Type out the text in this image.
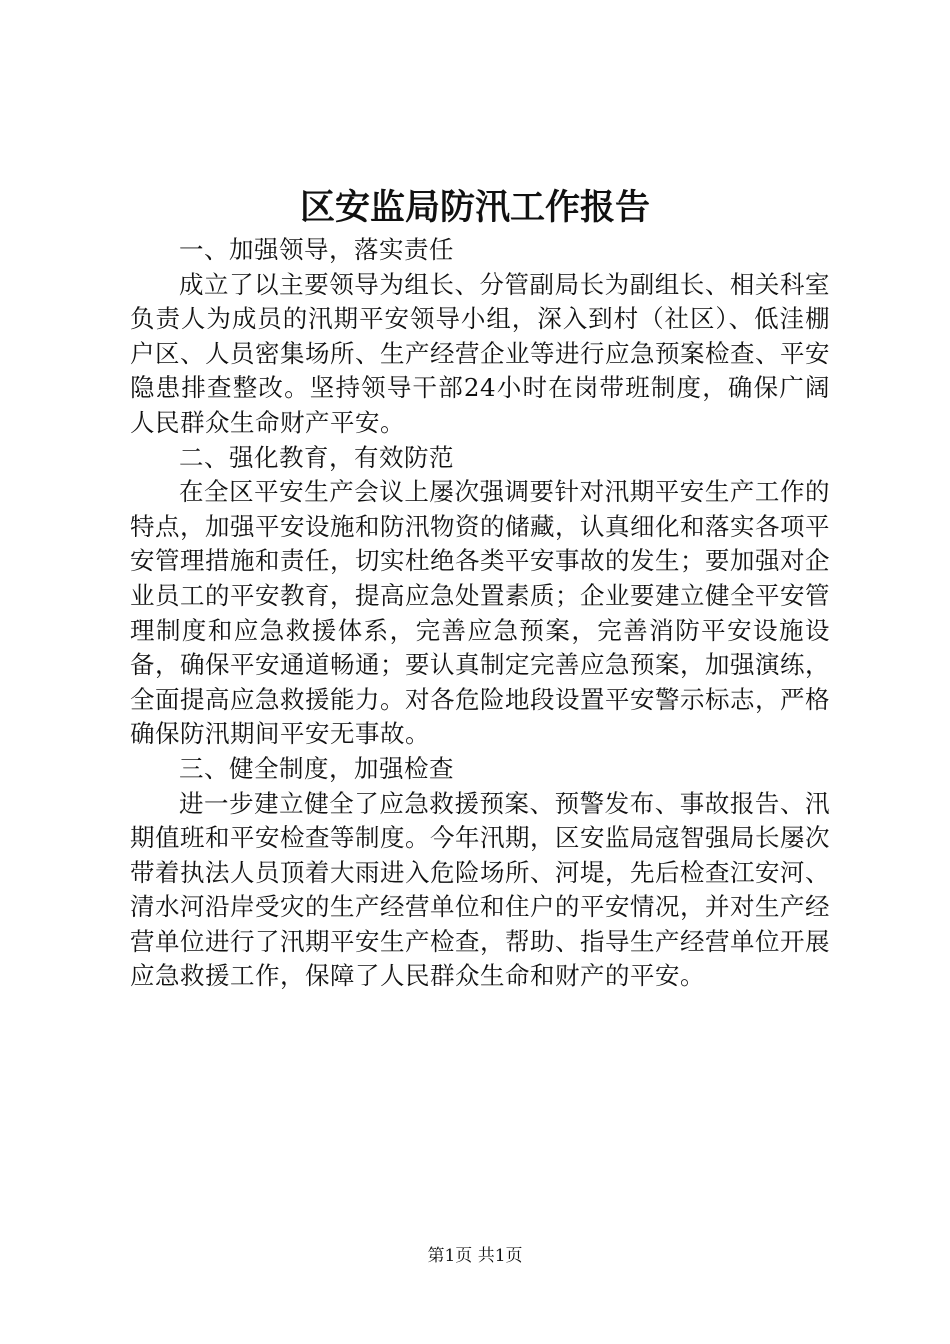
区安监局防汛工作报告

一、加强领导，落实责任

成立了以主要领导为组长、分管副局长为副组长、相关科室负责人为成员的汛期平安领导小组，深入到村（社区）、低洼棚户区、人员密集场所、生产经营企业等进行应急预案检查、平安隐患排查整改。坚持领导干部24小时在岗带班制度，确保广阔人民群众生命财产平安。

二、强化教育，有效防范

在全区平安生产会议上屡次强调要针对汛期平安生产工作的特点，加强平安设施和防汛物资的储藏，认真细化和落实各项平安管理措施和责任，切实杜绝各类平安事故的发生；要加强对企业员工的平安教育，提高应急处置素质；企业要建立健全平安管理制度和应急救援体系，完善应急预案，完善消防平安设施设备，确保平安通道畅通；要认真制定完善应急预案，加强演练，全面提高应急救援能力。对各危险地段设置平安警示标志，严格确保防汛期间平安无事故。

三、健全制度，加强检查

进一步建立健全了应急救援预案、预警发布、事故报告、汛期值班和平安检查等制度。今年汛期，区安监局寇智强局长屡次带着执法人员顶着大雨进入危险场所、河堤，先后检查江安河、清水河沿岸受灾的生产经营单位和住户的平安情况，并对生产经营单位进行了汛期平安生产检查，帮助、指导生产经营单位开展应急救援工作，保障了人民群众生命和财产的平安。

第1页 共1页
